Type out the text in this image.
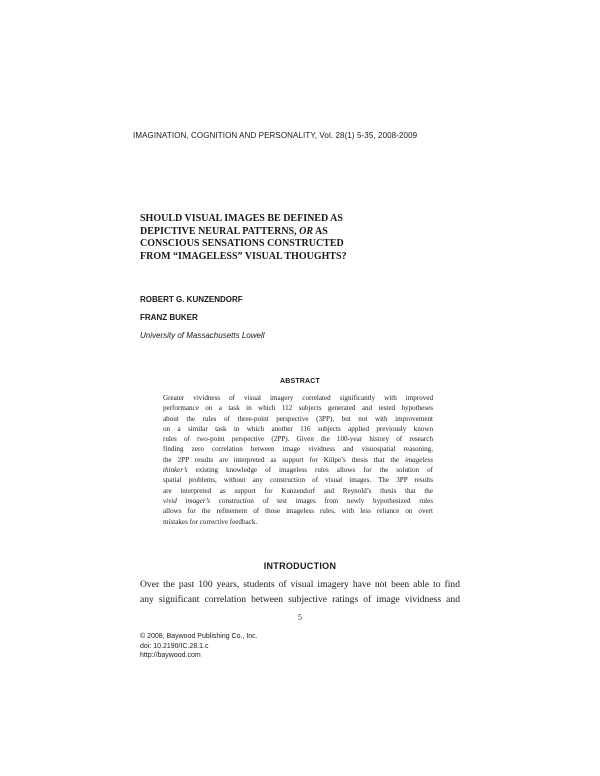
IMAGINATION, COGNITION AND PERSONALITY, Vol. 28(1) 5-35, 2008-2009
SHOULD VISUAL IMAGES BE DEFINED AS
DEPICTIVE NEURAL PATTERNS, OR AS
CONSCIOUS SENSATIONS CONSTRUCTED
FROM “IMAGELESS” VISUAL THOUGHTS?
ROBERT G. KUNZENDORF
FRANZ BUKER
University of Massachusetts Lowell
ABSTRACT
Greater vividness of visual imagery correlated significantly with improved
performance on a task in which 112 subjects generated and tested hypotheses
about the rules of three-point perspective (3PP), but not with improvement
on a similar task in which another 116 subjects applied previously known
rules of two-point perspective (2PP). Given the 100-year history of research
finding zero correlation between image vividness and visuospatial reasoning,
the 2PP results are interpreted as support for Külpe’s thesis that the imageless
thinker’s existing knowledge of imageless rules allows for the solution of
spatial problems, without any construction of visual images. The 3PP results
are interpreted as support for Kunzendorf and Reynold’s thesis that the
vivid imager’s construction of test images from newly hypothesized rules
allows for the refinement of those imageless rules, with less reliance on overt
mistakes for corrective feedback.
INTRODUCTION
Over the past 100 years, students of visual imagery have not been able to find
any significant correlation between subjective ratings of image vividness and
5
© 2008, Baywood Publishing Co., Inc.
doi: 10.2190/IC.28.1.c
http://baywood.com
